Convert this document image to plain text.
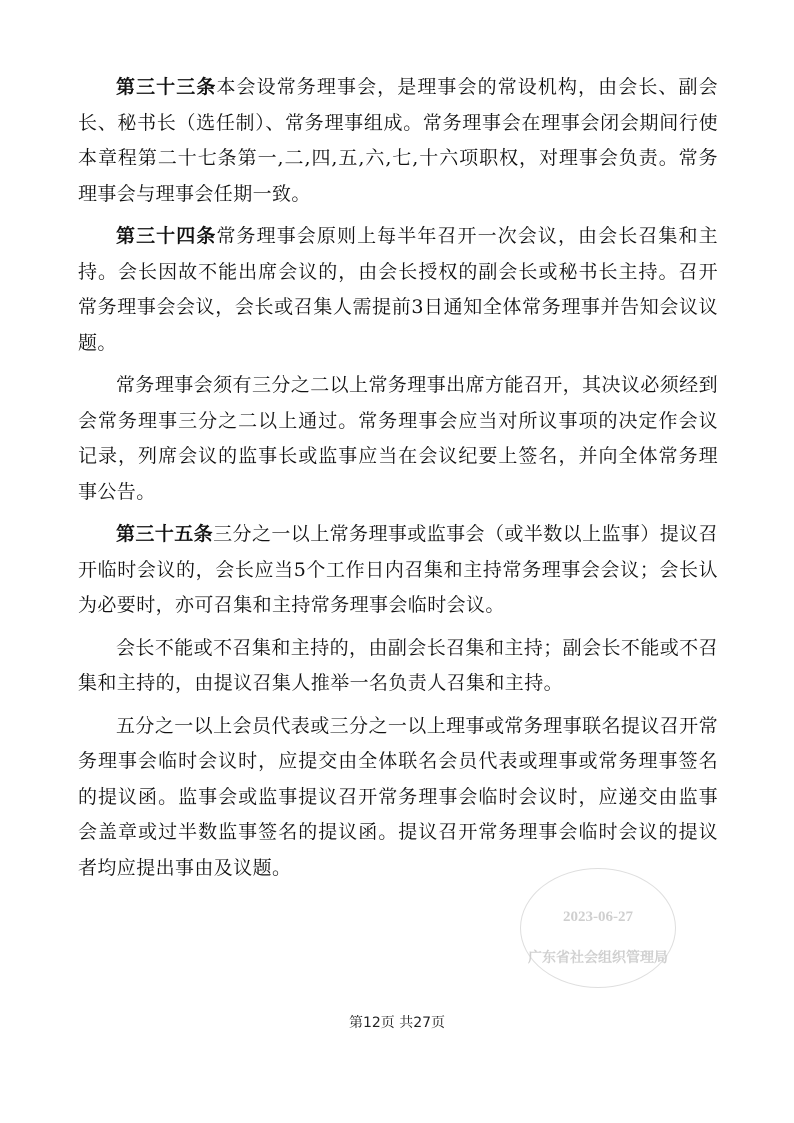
第三十三条本会设常务理事会，是理事会的常设机构，由会长、副会长、秘书长（选任制）、常务理事组成。常务理事会在理事会闭会期间行使本章程第二十七条第一,二,四,五,六,七,十六项职权，对理事会负责。常务理事会与理事会任期一致。

第三十四条常务理事会原则上每半年召开一次会议，由会长召集和主持。会长因故不能出席会议的，由会长授权的副会长或秘书长主持。召开常务理事会会议，会长或召集人需提前3日通知全体常务理事并告知会议议题。

常务理事会须有三分之二以上常务理事出席方能召开，其决议必须经到会常务理事三分之二以上通过。常务理事会应当对所议事项的决定作会议记录，列席会议的监事长或监事应当在会议纪要上签名，并向全体常务理事公告。

第三十五条三分之一以上常务理事或监事会（或半数以上监事）提议召开临时会议的，会长应当5个工作日内召集和主持常务理事会会议；会长认为必要时，亦可召集和主持常务理事会临时会议。

会长不能或不召集和主持的，由副会长召集和主持；副会长不能或不召集和主持的，由提议召集人推举一名负责人召集和主持。

五分之一以上会员代表或三分之一以上理事或常务理事联名提议召开常务理事会临时会议时，应提交由全体联名会员代表或理事或常务理事签名的提议函。监事会或监事提议召开常务理事会临时会议时，应递交由监事会盖章或过半数监事签名的提议函。提议召开常务理事会临时会议的提议者均应提出事由及议题。

2023-06-27
广东省社会组织管理局
第12页 共27页
